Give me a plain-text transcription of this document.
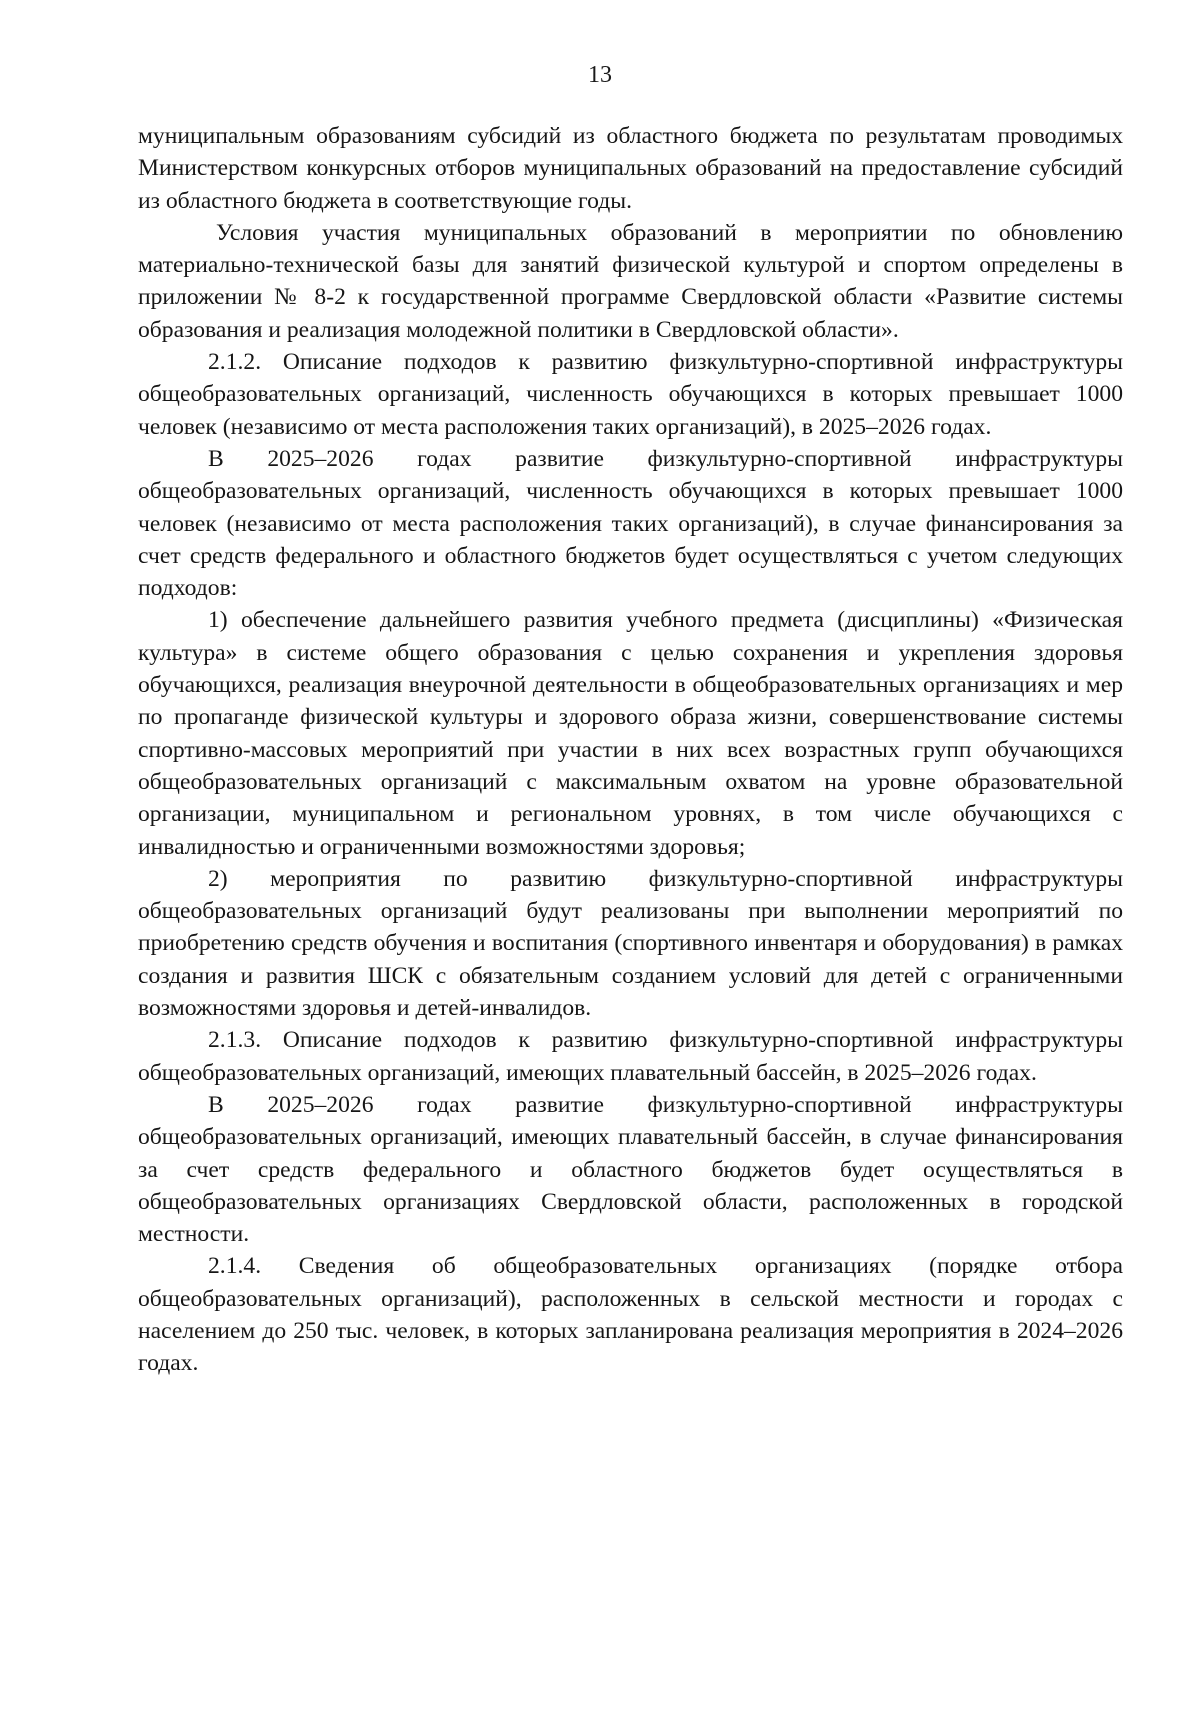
13

муниципальным образованиям субсидий из областного бюджета по результатам проводимых Министерством конкурсных отборов муниципальных образований на предоставление субсидий из областного бюджета в соответствующие годы.

Условия участия муниципальных образований в мероприятии по обновлению материально-технической базы для занятий физической культурой и спортом определены в приложении № 8-2 к государственной программе Свердловской области «Развитие системы образования и реализация молодежной политики в Свердловской области».

2.1.2. Описание подходов к развитию физкультурно-спортивной инфраструктуры общеобразовательных организаций, численность обучающихся в которых превышает 1000 человек (независимо от места расположения таких организаций), в 2025–2026 годах.

В 2025–2026 годах развитие физкультурно-спортивной инфраструктуры общеобразовательных организаций, численность обучающихся в которых превышает 1000 человек (независимо от места расположения таких организаций), в случае финансирования за счет средств федерального и областного бюджетов будет осуществляться с учетом следующих подходов:

1) обеспечение дальнейшего развития учебного предмета (дисциплины) «Физическая культура» в системе общего образования с целью сохранения и укрепления здоровья обучающихся, реализация внеурочной деятельности в общеобразовательных организациях и мер по пропаганде физической культуры и здорового образа жизни, совершенствование системы спортивно-массовых мероприятий при участии в них всех возрастных групп обучающихся общеобразовательных организаций с максимальным охватом на уровне образовательной организации, муниципальном и региональном уровнях, в том числе обучающихся с инвалидностью и ограниченными возможностями здоровья;

2) мероприятия по развитию физкультурно-спортивной инфраструктуры общеобразовательных организаций будут реализованы при выполнении мероприятий по приобретению средств обучения и воспитания (спортивного инвентаря и оборудования) в рамках создания и развития ШСК с обязательным созданием условий для детей с ограниченными возможностями здоровья и детей-инвалидов.

2.1.3. Описание подходов к развитию физкультурно-спортивной инфраструктуры общеобразовательных организаций, имеющих плавательный бассейн, в 2025–2026 годах.

В 2025–2026 годах развитие физкультурно-спортивной инфраструктуры общеобразовательных организаций, имеющих плавательный бассейн, в случае финансирования за счет средств федерального и областного бюджетов будет осуществляться в общеобразовательных организациях Свердловской области, расположенных в городской местности.

2.1.4. Сведения об общеобразовательных организациях (порядке отбора общеобразовательных организаций), расположенных в сельской местности и городах с населением до 250 тыс. человек, в которых запланирована реализация мероприятия в 2024–2026 годах.
